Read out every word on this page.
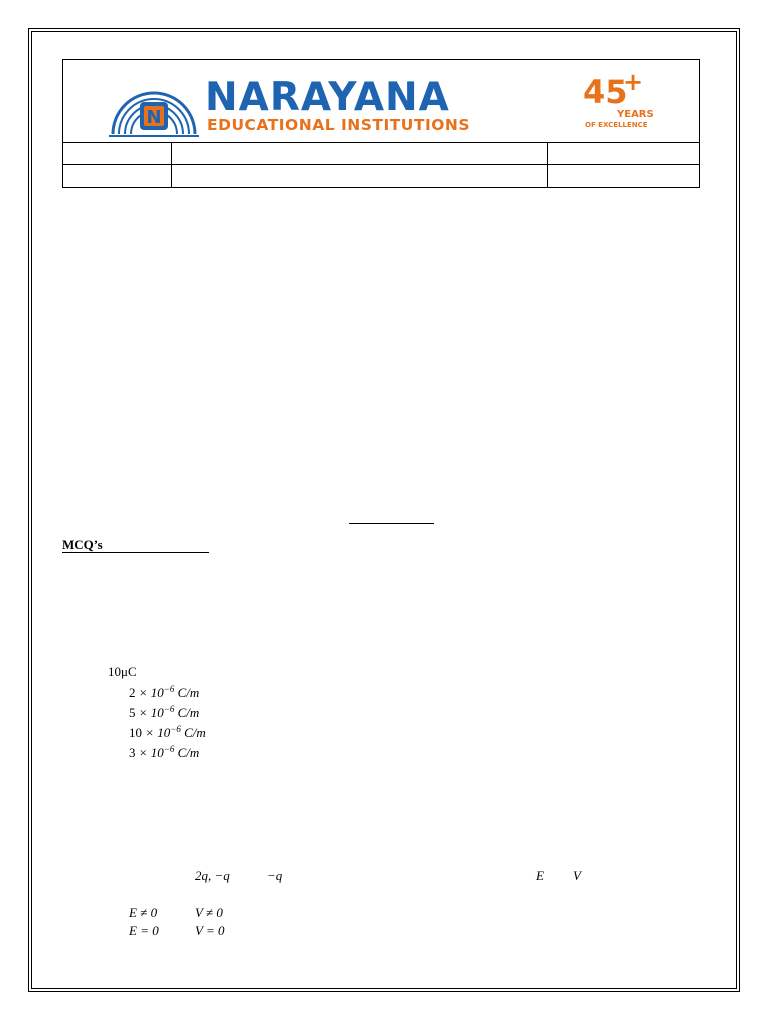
N NARAYANA
EDUCATIONAL INSTITUTIONS
45
+
YEARS
OF EXCELLENCE
MCQ’s
10μC
$2 \times 10^{-6}$ C/m
$5 \times 10^{-6}$ C/m
$10 \times 10^{-6}$ C/m
$3 \times 10^{-6}$ C/m
2q, −q	−q	E V
E ≠ 0	V ≠ 0
E = 0	V = 0
